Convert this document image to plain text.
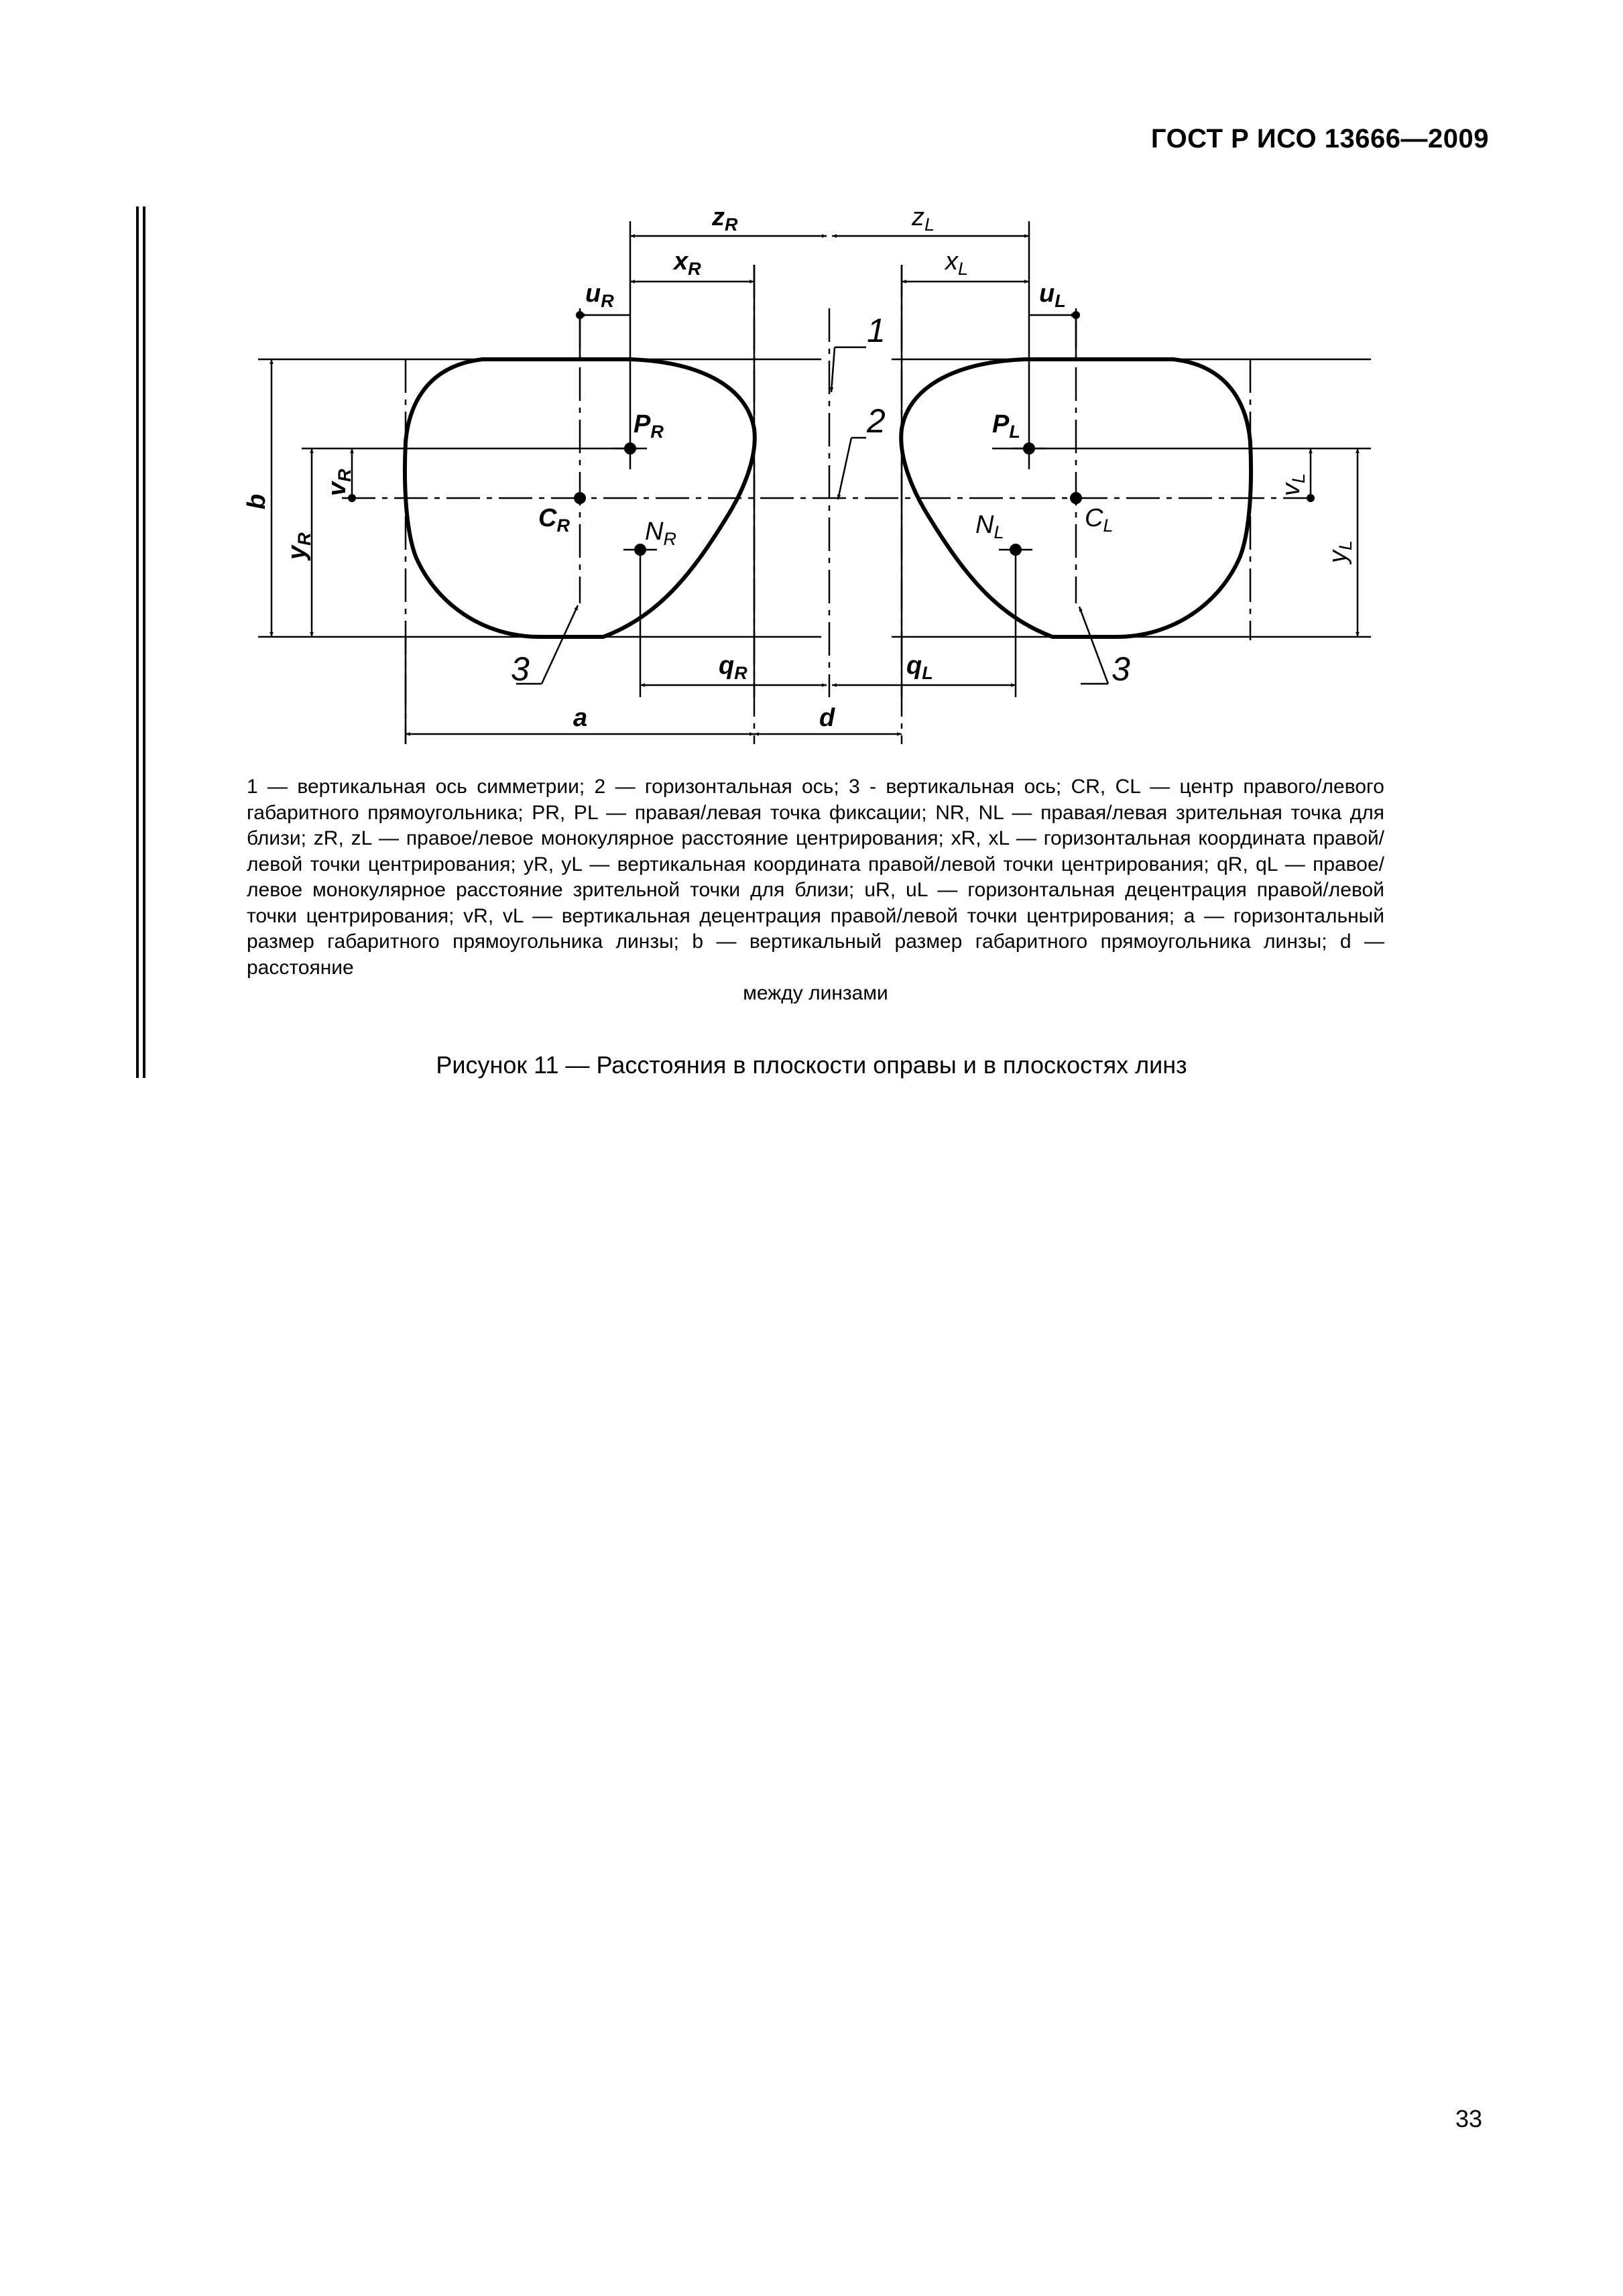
ГОСТ Р ИСО 13666—2009
$z_R$	$z_L$
$x_R$	$x_L$
$u_R$	$u_L$
$P_R$	$P_L$
$C_R$	$C_L$
$N_R$	$N_L$
$q_R$	$q_L$
a	d
b
$y_R$
$v_R$
$v_L$
$y_L$
1
2
3	3

1 — вертикальная ось симметрии; 2 — горизонтальная ось; 3 - вертикальная ось; CR, CL — центр правого/левого габаритного прямоугольника; PR, PL — правая/левая точка фиксации; NR, NL — правая/левая зрительная точка для близи; zR, zL — правое/левое монокулярное расстояние центрирования; xR, xL — горизонтальная координата правой/левой точки центрирования; yR, yL — вертикальная координата правой/левой точки центрирования; qR, qL — правое/левое монокулярное расстояние зрительной точки для близи; uR, uL — горизонтальная децентрация правой/левой точки центрирования; vR, vL — вертикальная децентрация правой/левой точки центрирования; a — горизонтальный размер габаритного прямоугольника линзы; b — вертикальный размер габаритного прямоугольника линзы; d — расстояние

между линзами

Рисунок 11 — Расстояния в плоскости оправы и в плоскостях линз
33
